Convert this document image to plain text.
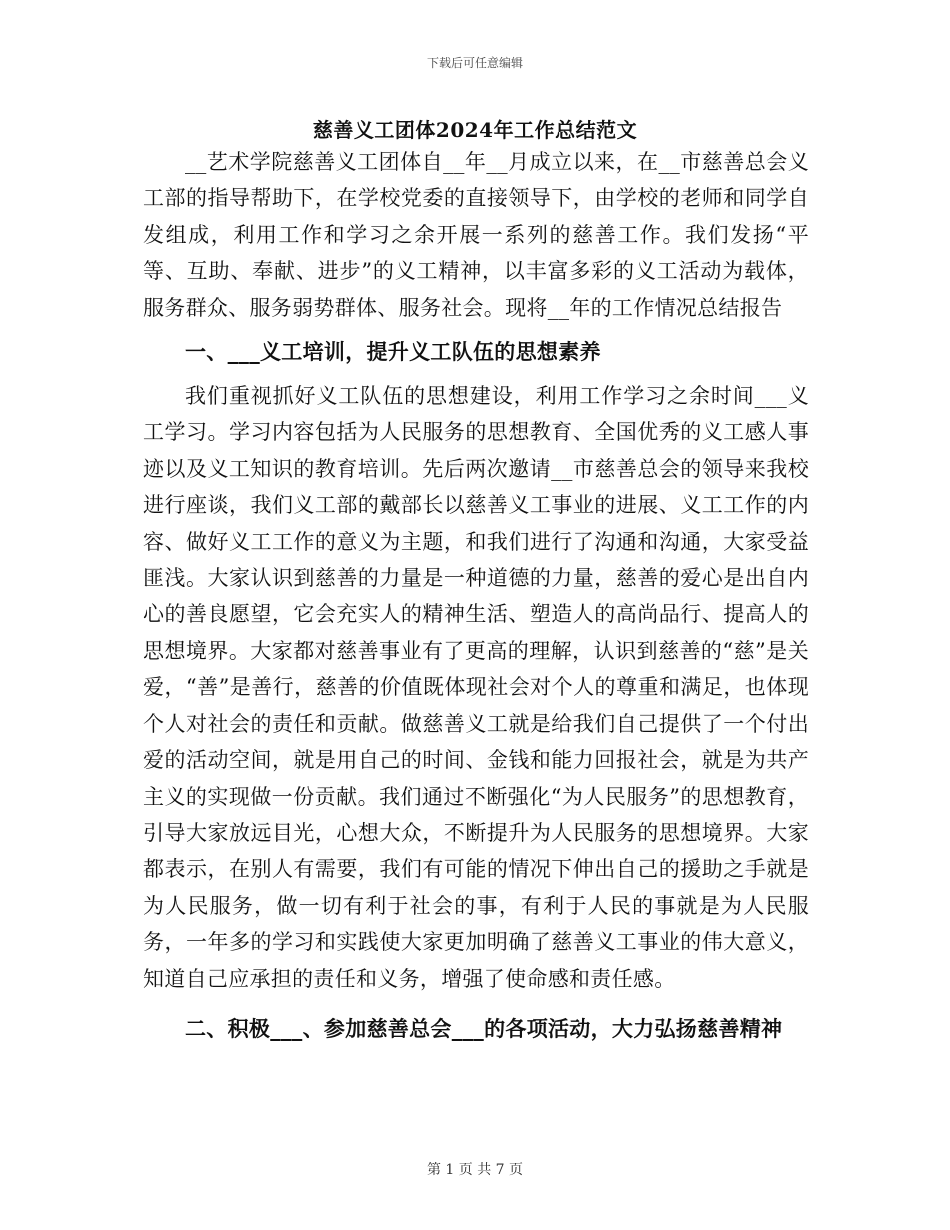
下载后可任意编辑
慈善义工团体2024年工作总结范文

__艺术学院慈善义工团体自__年__月成立以来，在__市慈善总会义工部的指导帮助下，在学校党委的直接领导下，由学校的老师和同学自发组成，利用工作和学习之余开展一系列的慈善工作。我们发扬“平等、互助、奉献、进步”的义工精神，以丰富多彩的义工活动为载体，服务群众、服务弱势群体、服务社会。现将__年的工作情况总结报告

一、___义工培训，提升义工队伍的思想素养

我们重视抓好义工队伍的思想建设，利用工作学习之余时间___义工学习。学习内容包括为人民服务的思想教育、全国优秀的义工感人事迹以及义工知识的教育培训。先后两次邀请__市慈善总会的领导来我校进行座谈，我们义工部的戴部长以慈善义工事业的进展、义工工作的内容、做好义工工作的意义为主题，和我们进行了沟通和沟通，大家受益匪浅。大家认识到慈善的力量是一种道德的力量，慈善的爱心是出自内心的善良愿望，它会充实人的精神生活、塑造人的高尚品行、提高人的思想境界。大家都对慈善事业有了更高的理解，认识到慈善的“慈”是关爱，“善”是善行，慈善的价值既体现社会对个人的尊重和满足，也体现个人对社会的责任和贡献。做慈善义工就是给我们自己提供了一个付出爱的活动空间，就是用自己的时间、金钱和能力回报社会，就是为共产主义的实现做一份贡献。我们通过不断强化“为人民服务”的思想教育，引导大家放远目光，心想大众，不断提升为人民服务的思想境界。大家都表示，在别人有需要，我们有可能的情况下伸出自己的援助之手就是为人民服务，做一切有利于社会的事，有利于人民的事就是为人民服务，一年多的学习和实践使大家更加明确了慈善义工事业的伟大意义，知道自己应承担的责任和义务，增强了使命感和责任感。

二、积极___、参加慈善总会___的各项活动，大力弘扬慈善精神

第 1 页 共 7 页
